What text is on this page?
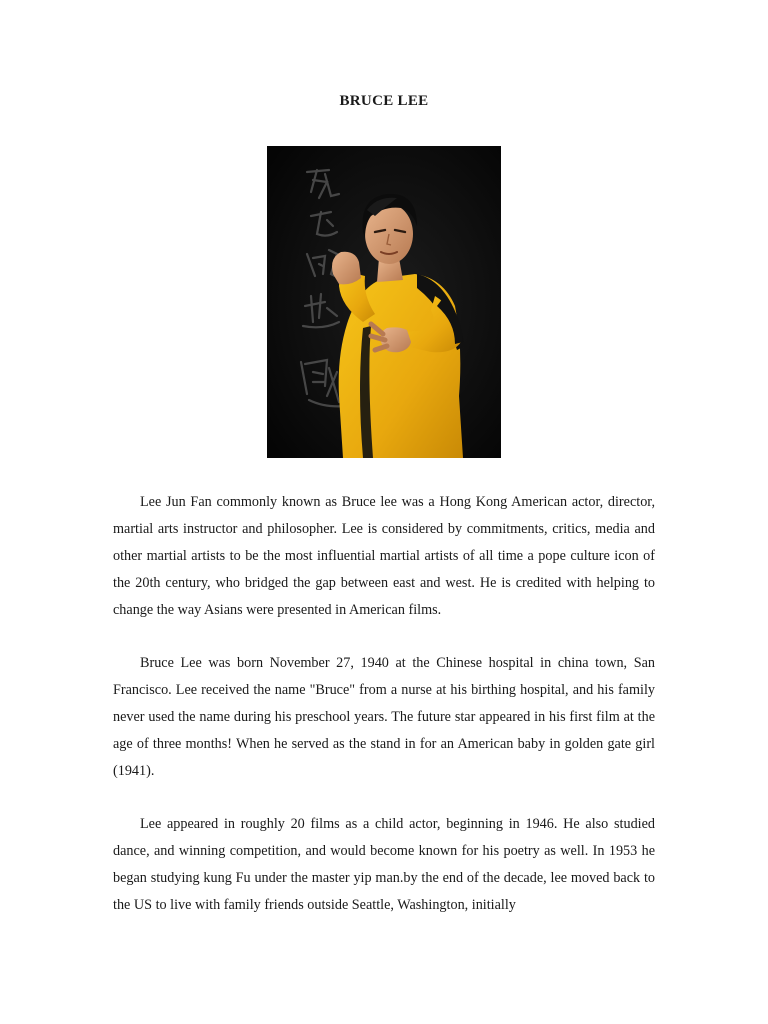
BRUCE LEE

Lee Jun Fan commonly known as Bruce lee was a Hong Kong American actor, director, martial arts instructor and philosopher. Lee is considered by commitments, critics, media and other martial artists to be the most influential martial artists of all time a pope culture icon of the 20th century, who bridged the gap between east and west. He is credited with helping to change the way Asians were presented in American films.

Bruce Lee was born November 27, 1940 at the Chinese hospital in china town, San Francisco. Lee received the name "Bruce" from a nurse at his birthing hospital, and his family never used the name during his preschool years. The future star appeared in his first film at the age of three months! When he served as the stand in for an American baby in golden gate girl (1941).

Lee appeared in roughly 20 films as a child actor, beginning in 1946. He also studied dance, and winning competition, and would become known for his poetry as well. In 1953 he began studying kung Fu under the master yip man.by the end of the decade, lee moved back to the US to live with family friends outside Seattle, Washington, initially
